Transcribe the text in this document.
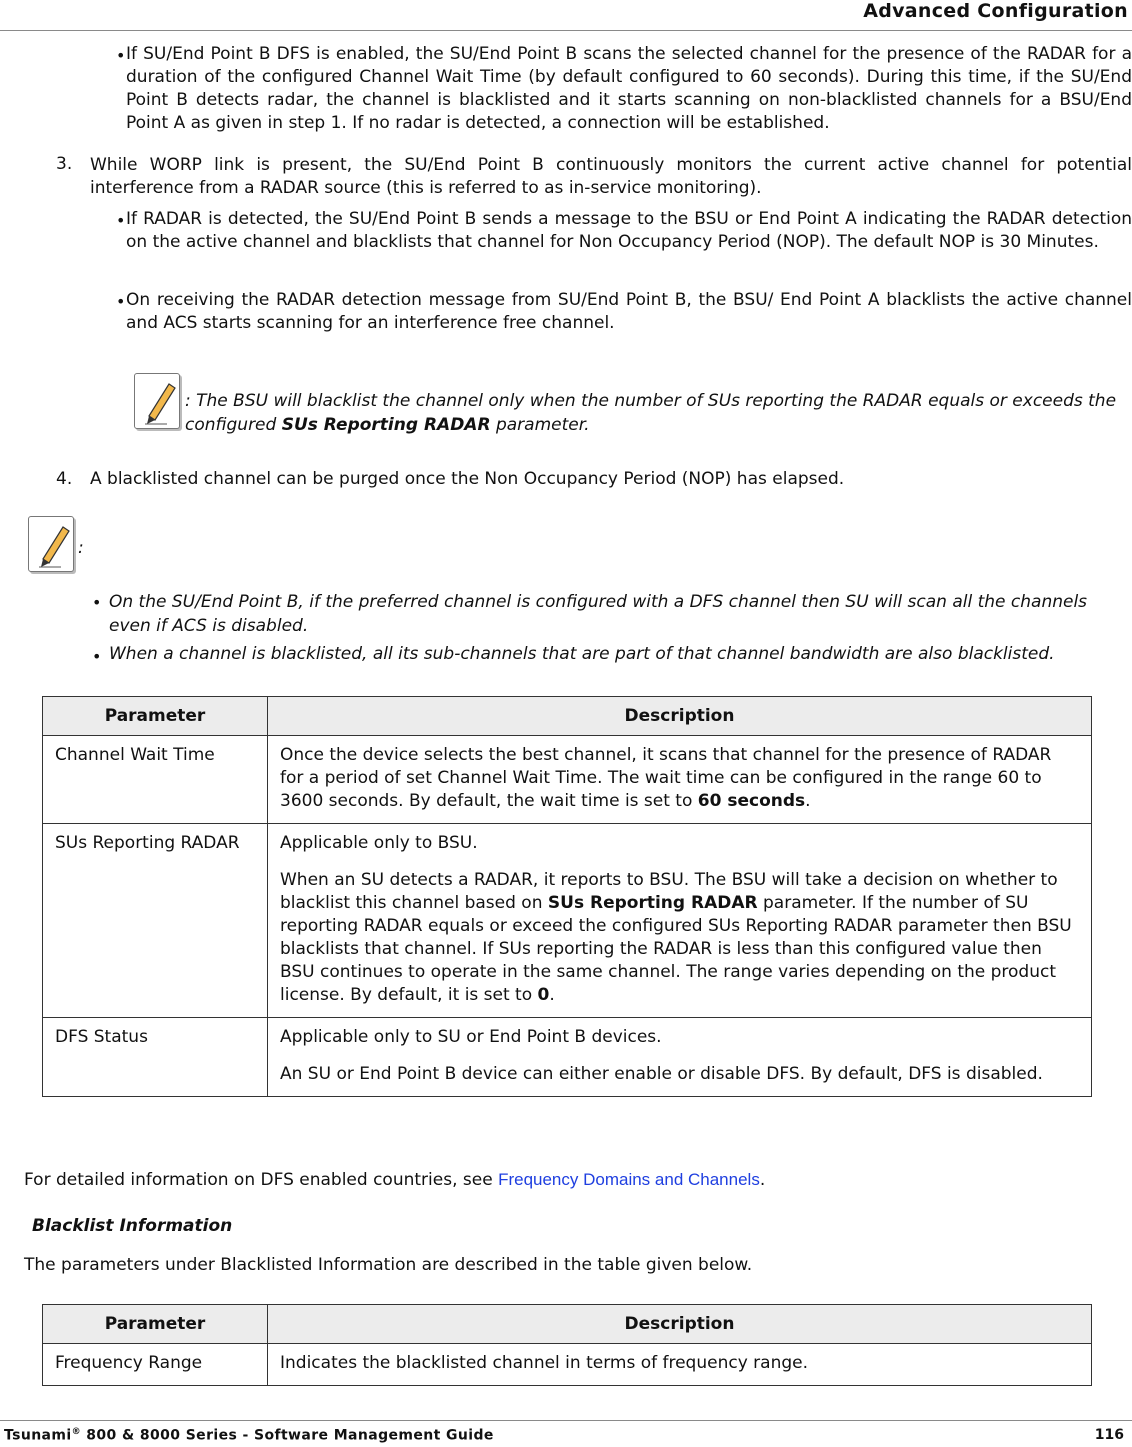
Advanced Configuration
• If SU/End Point B DFS is enabled, the SU/End Point B scans the selected channel for the presence of the RADAR for a duration of the configured Channel Wait Time (by default configured to 60 seconds). During this time, if the SU/End Point B detects radar, the channel is blacklisted and it starts scanning on non-blacklisted channels for a BSU/End Point A as given in step 1. If no radar is detected, a connection will be established.
3. While WORP link is present, the SU/End Point B continuously monitors the current active channel for potential interference from a RADAR source (this is referred to as in-service monitoring).
• If RADAR is detected, the SU/End Point B sends a message to the BSU or End Point A indicating the RADAR detection on the active channel and blacklists that channel for Non Occupancy Period (NOP). The default NOP is 30 Minutes.
• On receiving the RADAR detection message from SU/End Point B, the BSU/ End Point A blacklists the active channel and ACS starts scanning for an interference free channel.
: The BSU will blacklist the channel only when the number of SUs reporting the RADAR equals or exceeds the configured SUs Reporting RADAR parameter.
4. A blacklisted channel can be purged once the Non Occupancy Period (NOP) has elapsed.
:
• On the SU/End Point B, if the preferred channel is configured with a DFS channel then SU will scan all the channels even if ACS is disabled.
• When a channel is blacklisted, all its sub-channels that are part of that channel bandwidth are also blacklisted.
Parameter	Description
Channel Wait Time	Once the device selects the best channel, it scans that channel for the presence of RADAR for a period of set Channel Wait Time. The wait time can be configured in the range 60 to 3600 seconds. By default, the wait time is set to 60 seconds.
SUs Reporting RADAR	Applicable only to BSU.
When an SU detects a RADAR, it reports to BSU. The BSU will take a decision on whether to blacklist this channel based on SUs Reporting RADAR parameter. If the number of SU reporting RADAR equals or exceed the configured SUs Reporting RADAR parameter then BSU blacklists that channel. If SUs reporting the RADAR is less than this configured value then BSU continues to operate in the same channel. The range varies depending on the product license. By default, it is set to 0.

DFS Status	Applicable only to SU or End Point B devices.
An SU or End Point B device can either enable or disable DFS. By default, DFS is disabled.
For detailed information on DFS enabled countries, see Frequency Domains and Channels.
Blacklist Information
The parameters under Blacklisted Information are described in the table given below.
Parameter	Description
Frequency Range	Indicates the blacklisted channel in terms of frequency range.
Tsunami® 800 & 8000 Series - Software Management Guide	116
